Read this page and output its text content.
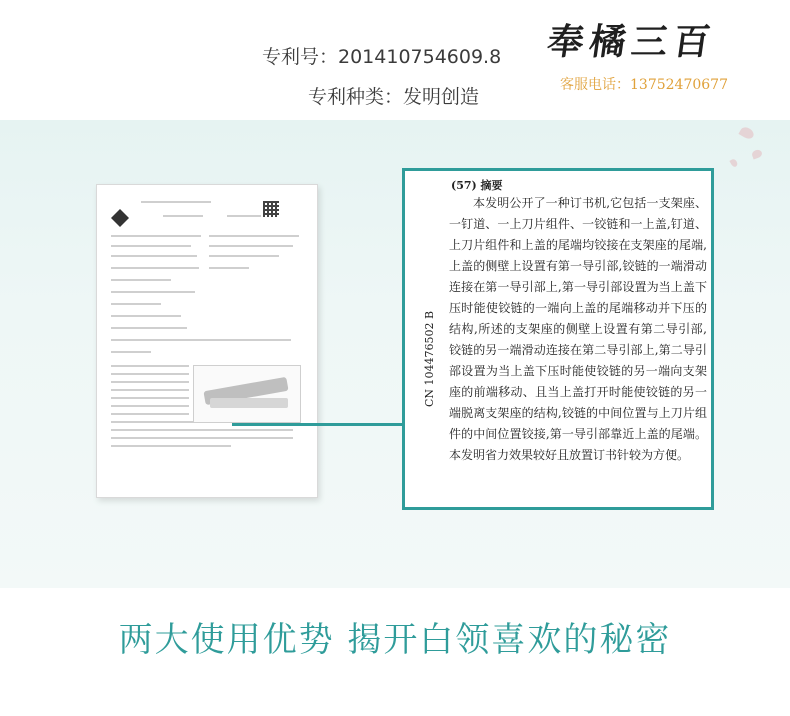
专利号：201410754609.8
专利种类：发明创造
奉橘三百
客服电话：13752470677
(57) 摘要
本发明公开了一种订书机,它包括一支架座、一钉道、一上刀片组件、一铰链和一上盖,钉道、上刀片组件和上盖的尾端均铰接在支架座的尾端,上盖的侧壁上设置有第一导引部,铰链的一端滑动连接在第一导引部上,第一导引部设置为当上盖下压时能使铰链的一端向上盖的尾端移动并下压的结构,所述的支架座的侧壁上设置有第二导引部,铰链的另一端滑动连接在第二导引部上,第二导引部设置为当上盖下压时能使铰链的另一端向支架座的前端移动、且当上盖打开时能使铰链的另一端脱离支架座的结构,铰链的中间位置与上刀片组件的中间位置铰接,第一导引部靠近上盖的尾端。本发明省力效果较好且放置订书针较为方便。
CN 104476502 B
两大使用优势 揭开白领喜欢的秘密
